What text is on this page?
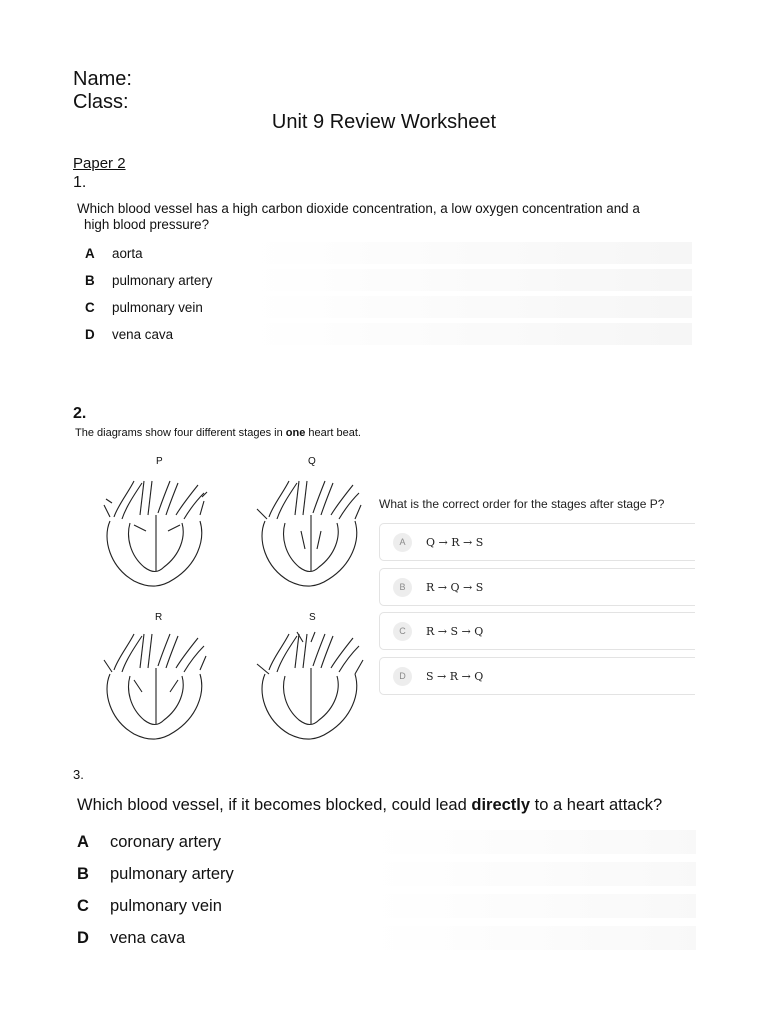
Name:
Class:
Unit 9 Review Worksheet
Paper 2
1.
Which blood vessel has a high carbon dioxide concentration, a low oxygen concentration and a
high blood pressure?
A	aorta
B	pulmonary artery
C	pulmonary vein
D	vena cava
2.
The diagrams show four different stages in one heart beat.
P	Q
R	S
What is the correct order for the stages after stage P?
A	Q → R → S
B	R → Q → S
C	R → S → Q
D	S → R → Q
3.
Which blood vessel, if it becomes blocked, could lead directly to a heart attack?
A	coronary artery
B	pulmonary artery
C	pulmonary vein
D	vena cava
